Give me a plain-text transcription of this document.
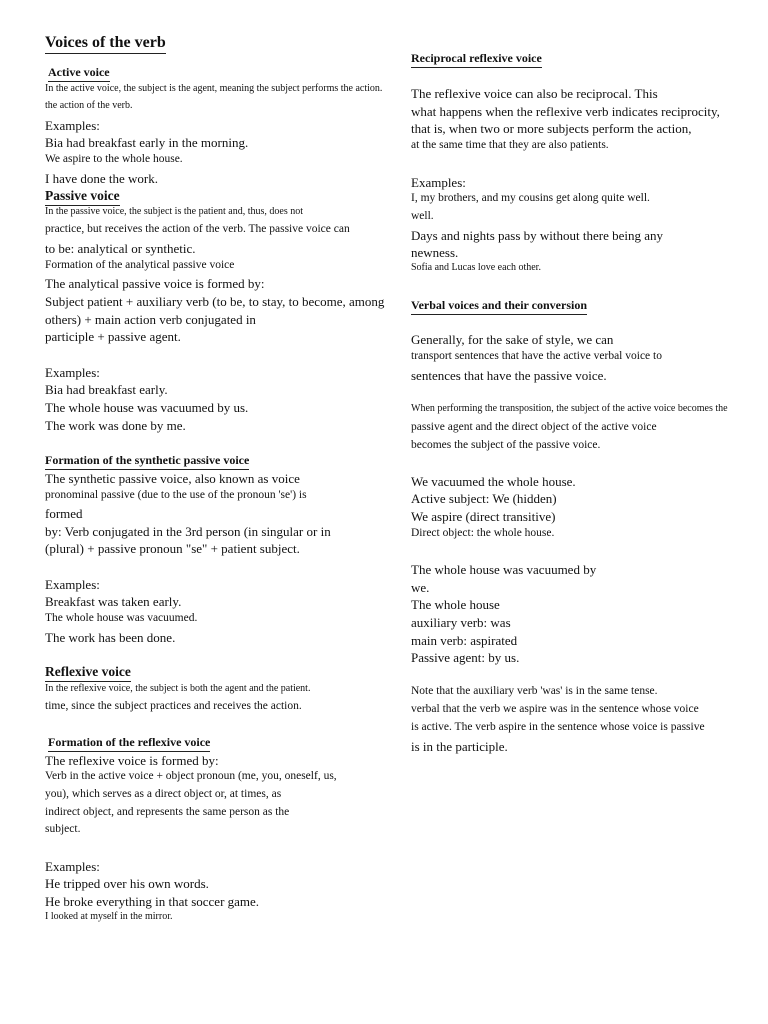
Voices of the verb
Active voice
In the active voice, the subject is the agent, meaning the subject performs the action.
the action of the verb.
Examples:
Bia had breakfast early in the morning.
We aspire to the whole house.
I have done the work.
Passive voice
In the passive voice, the subject is the patient and, thus, does not
practice, but receives the action of the verb. The passive voice can
to be: analytical or synthetic.
Formation of the analytical passive voice
The analytical passive voice is formed by:
Subject patient + auxiliary verb (to be, to stay, to become, among
others) + main action verb conjugated in
participle + passive agent.
Examples:
Bia had breakfast early.
The whole house was vacuumed by us.
The work was done by me.
Formation of the synthetic passive voice
The synthetic passive voice, also known as voice
pronominal passive (due to the use of the pronoun 'se') is
formed
by: Verb conjugated in the 3rd person (in singular or in
(plural) + passive pronoun "se" + patient subject.
Examples:
Breakfast was taken early.
The whole house was vacuumed.
The work has been done.
Reflexive voice
In the reflexive voice, the subject is both the agent and the patient.
time, since the subject practices and receives the action.
Formation of the reflexive voice
The reflexive voice is formed by:
Verb in the active voice + object pronoun (me, you, oneself, us,
you), which serves as a direct object or, at times, as
indirect object, and represents the same person as the
subject.
Examples:
He tripped over his own words.
He broke everything in that soccer game.
I looked at myself in the mirror.
Reciprocal reflexive voice
The reflexive voice can also be reciprocal. This
what happens when the reflexive verb indicates reciprocity,
that is, when two or more subjects perform the action,
at the same time that they are also patients.
Examples:
I, my brothers, and my cousins get along quite well.
well.
Days and nights pass by without there being any
newness.
Sofia and Lucas love each other.
Verbal voices and their conversion
Generally, for the sake of style, we can
transport sentences that have the active verbal voice to
sentences that have the passive voice.
When performing the transposition, the subject of the active voice becomes the
passive agent and the direct object of the active voice
becomes the subject of the passive voice.
We vacuumed the whole house.
Active subject: We (hidden)
We aspire (direct transitive)
Direct object: the whole house.
The whole house was vacuumed by
we.
The whole house
auxiliary verb: was
main verb: aspirated
Passive agent: by us.
Note that the auxiliary verb 'was' is in the same tense.
verbal that the verb we aspire was in the sentence whose voice
is active. The verb aspire in the sentence whose voice is passive
is in the participle.
